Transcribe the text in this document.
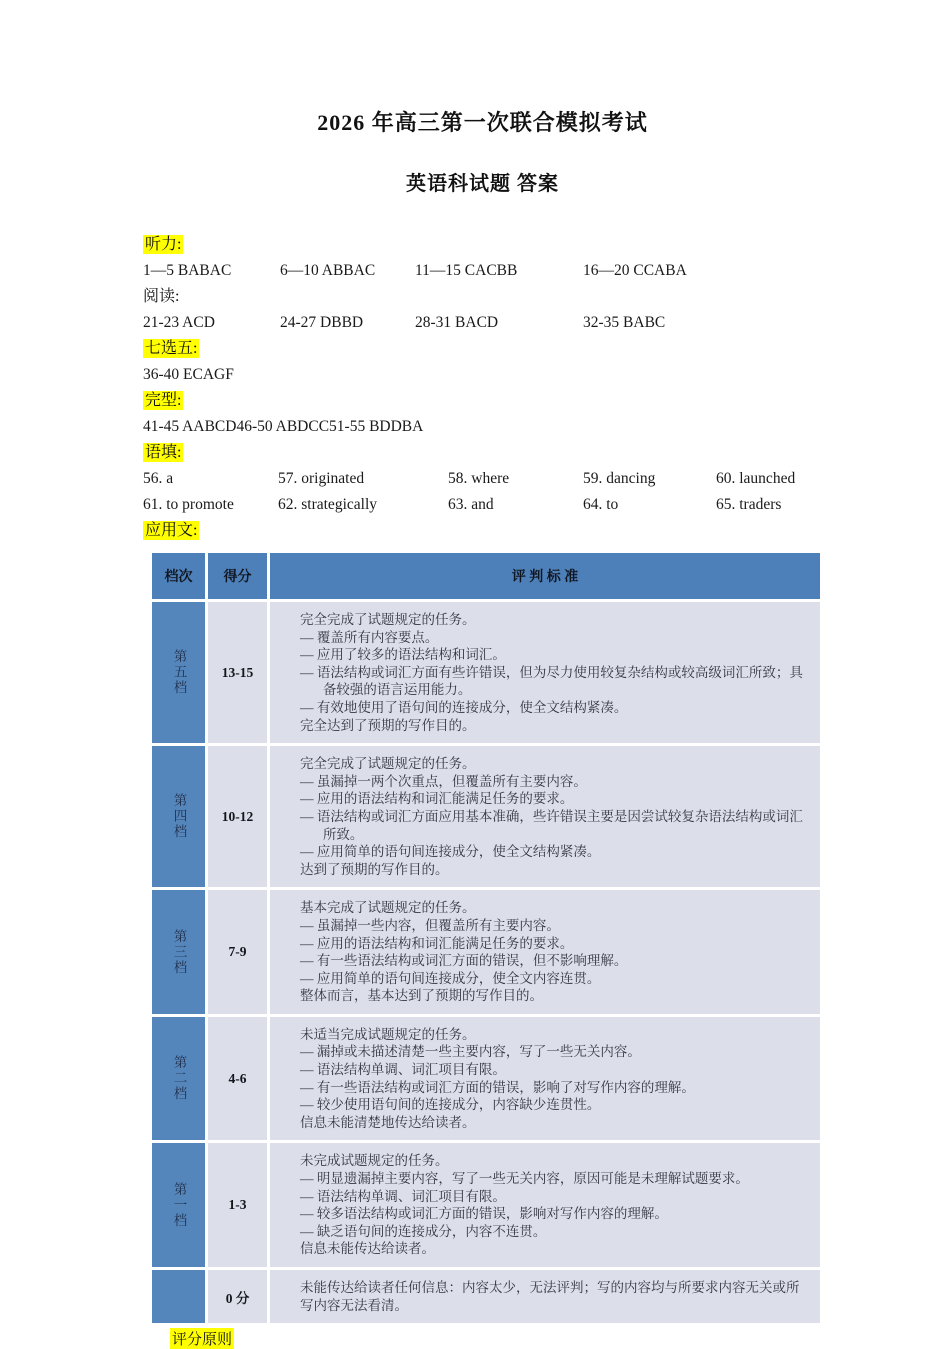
2026 年高三第一次联合模拟考试
英语科试题 答案
听力:
1—5 BABAC	6—10 ABBAC	11—15 CACBB	16—20 CCABA
阅读:
21-23 ACD	24-27 DBBD	28-31 BACD	32-35 BABC
七选五:
36-40 ECAGF
完型:
41-45 AABCD 46-50 ABDCC 51-55 BDDBA
语填:
56. a	57. originated	58. where	59. dancing	60. launched
61. to promote	62. strategically	63. and	64. to	65. traders
应用文:
档次	得分	评 判 标 准

第五档	13-15	
完全完成了试题规定的任务。
— 覆盖所有内容要点。
— 应用了较多的语法结构和词汇。
— 语法结构或词汇方面有些许错误，但为尽力使用较复杂结构或较高级词汇所致；具备较强的语言运用能力。
— 有效地使用了语句间的连接成分，使全文结构紧凑。
完全达到了预期的写作目的。

第四档	10-12	
完全完成了试题规定的任务。
— 虽漏掉一两个次重点，但覆盖所有主要内容。
— 应用的语法结构和词汇能满足任务的要求。
— 语法结构或词汇方面应用基本准确，些许错误主要是因尝试较复杂语法结构或词汇所致。
— 应用简单的语句间连接成分，使全文结构紧凑。
达到了预期的写作目的。

第三档	7-9	
基本完成了试题规定的任务。
— 虽漏掉一些内容，但覆盖所有主要内容。
— 应用的语法结构和词汇能满足任务的要求。
— 有一些语法结构或词汇方面的错误，但不影响理解。
— 应用简单的语句间连接成分，使全文内容连贯。
整体而言，基本达到了预期的写作目的。

第二档	4-6	
未适当完成试题规定的任务。
— 漏掉或未描述清楚一些主要内容，写了一些无关内容。
— 语法结构单调、词汇项目有限。
— 有一些语法结构或词汇方面的错误，影响了对写作内容的理解。
— 较少使用语句间的连接成分，内容缺少连贯性。
信息未能清楚地传达给读者。

第一档	1-3	
未完成试题规定的任务。
— 明显遗漏掉主要内容，写了一些无关内容，原因可能是未理解试题要求。
— 语法结构单调、词汇项目有限。
— 较多语法结构或词汇方面的错误，影响对写作内容的理解。
— 缺乏语句间的连接成分，内容不连贯。
信息未能传达给读者。

	0 分	未能传达给读者任何信息：内容太少，无法评判；写的内容均与所要求内容无关或所写内容无法看清。
评分原则
